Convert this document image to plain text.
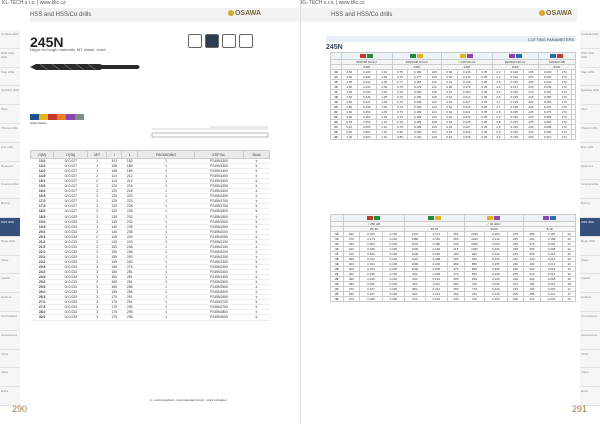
KL-TECH s.r.o. | www.kltc.cz
HSS and HSS/Co drills	OSAWA
Carbide drills
HSS twist drills
Step drills
Spotting drills
Taps
Thread mills
End mills
Reamers
Countersinks
Boring
HSS drills
Deep drills
Saws
Inserts
Holders
Tool holders
Accessories
Other
Index
Extra
245N
Ntype for tough materials, MT shank, short
HSS+Steam
D(M)	D(TA)	M/T	l	L	PACKAGING	EDP No.	Stock
13.0	0/-0.027	1	101	182	1	P245N1300	k
13.5	0/-0.027	1	108	189	1	P245N1350	k
14.0	0/-0.027	1	108	189	1	P245N1400	k
14.5	0/-0.027	2	114	212	1	P245N1450	k
15.0	0/-0.027	2	114	212	1	P245N1500	k
15.5	0/-0.027	2	120	218	1	P245N1550	k
16.0	0/-0.027	2	120	218	1	P245N1600	k
16.5	0/-0.027	2	125	223	1	P245N1650	k
17.0	0/-0.027	2	125	223	1	P245N1700	k
17.5	0/-0.027	2	130	228	1	P245N1750	k
18.0	0/-0.027	2	130	228	1	P245N1800	k
18.5	0/-0.033	2	135	233	1	P245N1850	k
19.0	0/-0.033	2	135	233	1	P245N1900	k
19.5	0/-0.033	2	140	238	1	P245N1950	k
20.0	0/-0.033	2	140	238	1	P245N2000	k
20.5	0/-0.033	2	145	243	1	P245N2050	k
21.0	0/-0.033	2	145	243	1	P245N2100	k
21.5	0/-0.033	2	150	248	1	P245N2150	k
22.0	0/-0.033	2	150	248	1	P245N2200	k
22.5	0/-0.033	2	155	253	1	P245N2250	k
23.0	0/-0.033	2	155	253	1	P245N2300	k
23.5	0/-0.033	3	155	276	1	P245N2350	k
24.0	0/-0.033	3	160	281	1	P245N2400	k
24.5	0/-0.033	3	160	281	1	P245N2450	k
25.0	0/-0.033	3	160	281	1	P245N2500	k
25.5	0/-0.033	3	165	286	1	P245N2550	k
26.0	0/-0.033	3	165	286	1	P245N2600	k
26.5	0/-0.033	3	170	291	1	P245N2650	k
27.0	0/-0.033	3	170	291	1	P245N2700	k
27.5	0/-0.033	3	175	296	1	P245N2750	k
28.0	0/-0.033	3	175	296	1	P245N2800	k
30.0	0/-0.033	3	175	296	1	P245N3000	k
k - stock standard - stock standard stock - stock unloaded
290
KL-TECH s.r.o. | www.kltc.cz
HSS and HSS/Co drills	OSAWA
Carbide drills
HSS twist drills
Step drills
Spotting drills
Taps
Thread mills
End mills
Reamers
Countersinks
Boring
HSS drills
Deep drills
Saws
Inserts
Holders
Tool holders
Accessories
Other
Index
Extra
CUTTING PARAMETERS
245N

	550/700 N/mm²			400/1000 N/mm²			< 700 N/mm²			200/400 N/mm²			100/300 HB		
	2/3/0			2/3/0			1/3/0			3/3/0			2/3/0		
13	4.56	0.230	1.10	0.75	0.180	135	0.60	0.145	0.35	2.3	0.190	195	0.230	170	
14	4.60	0.232	1.00	0.76	0.177	110	0.60	0.144	0.35	2.4	0.194	200	0.230	170	
15	4.65	0.233	1.05	0.77	0.184	112	0.61	0.146	0.35	2.5	0.195	205	0.240	170	
16	4.66	0.233	1.00	0.78	0.179	116	0.60	0.176	0.35	2.6	0.197	210	0.249	170	
17	4.66	0.243	1.05	0.79	0.189	118	0.61	0.184	0.35	2.6	0.195	215	0.252	170	
18	4.66	0.245	1.05	0.79	0.189	118	0.61	0.214	0.35	2.6	0.195	215	0.255	170	
19	4.66	0.247	1.05	0.79	0.189	120	0.61	0.217	0.35	2.7	0.195	220	0.260	170	
20	4.66	0.249	1.05	0.79	0.189	122	0.62	0.219	0.35	2.7	0.195	220	0.270	170	
21	4.66	0.250	1.05	0.79	0.189	124	0.62	0.221	0.35	2.8	0.195	225	0.275	170	
22	4.66	0.252	1.10	0.79	0.189	126	0.62	0.223	0.35	2.8	0.195	230	0.285	170	
23	5.46	0.253	1.10	0.79	0.189	128	0.62	0.225	0.35	2.8	0.195	235	0.290	170	
24	5.46	0.255	1.10	0.79	0.189	130	0.63	0.227	0.35	2.9	0.195	240	0.295	170	
25	5.66	0.257	1.10	0.80	0.189	132	0.63	0.229	0.35	2.9	0.195	245	0.300	170	
30	7.20	0.260	1.10	0.80	0.190	140	0.64	0.230	0.35	3.0	0.195	250	0.310	170	

	< 250 HB						< 30 HRC					
	20-30			30-70			40-60			8-12		
13	490	0.166	0.100	1470	0.173	460	1349	0.204	275	285	0.193	24
14	470	0.174	0.100	1380	0.181	465	1340	0.212	265	290	0.198	23
15	450	0.180	0.100	1276	0.186	435	1080	0.220	255	275	0.202	22
16	420	0.186	0.100	1230	0.192	415	1040	0.226	248	260	0.208	21
17	410	0.190	0.100	1200	0.195	400	960	0.230	245	250	0.210	20
18	400	0.193	0.100	1140	0.198	390	920	0.232	240	240	0.212	20
19	400	0.194	0.100	1090	0.202	380	880	0.235	240	230	0.213	20
20	400	0.194	0.100	1040	0.205	375	850	0.236	230	220	0.215	19
21	400	0.195	0.100	990	0.208	370	830	0.238	225	210	0.216	19
22	390	0.196	0.100	940	0.210	365	810	0.240	220	200	0.218	18
23	380	0.196	0.100	900	0.211	360	790	0.241	215	195	0.219	18
24	370	0.197	0.100	860	0.212	355	770	0.243	210	190	0.220	17
25	360	0.197	0.100	820	0.213	350	750	0.245	205	185	0.221	17
30	270	0.198	0.100	640	0.215	340	700	0.250	200	170	0.225	16
291
